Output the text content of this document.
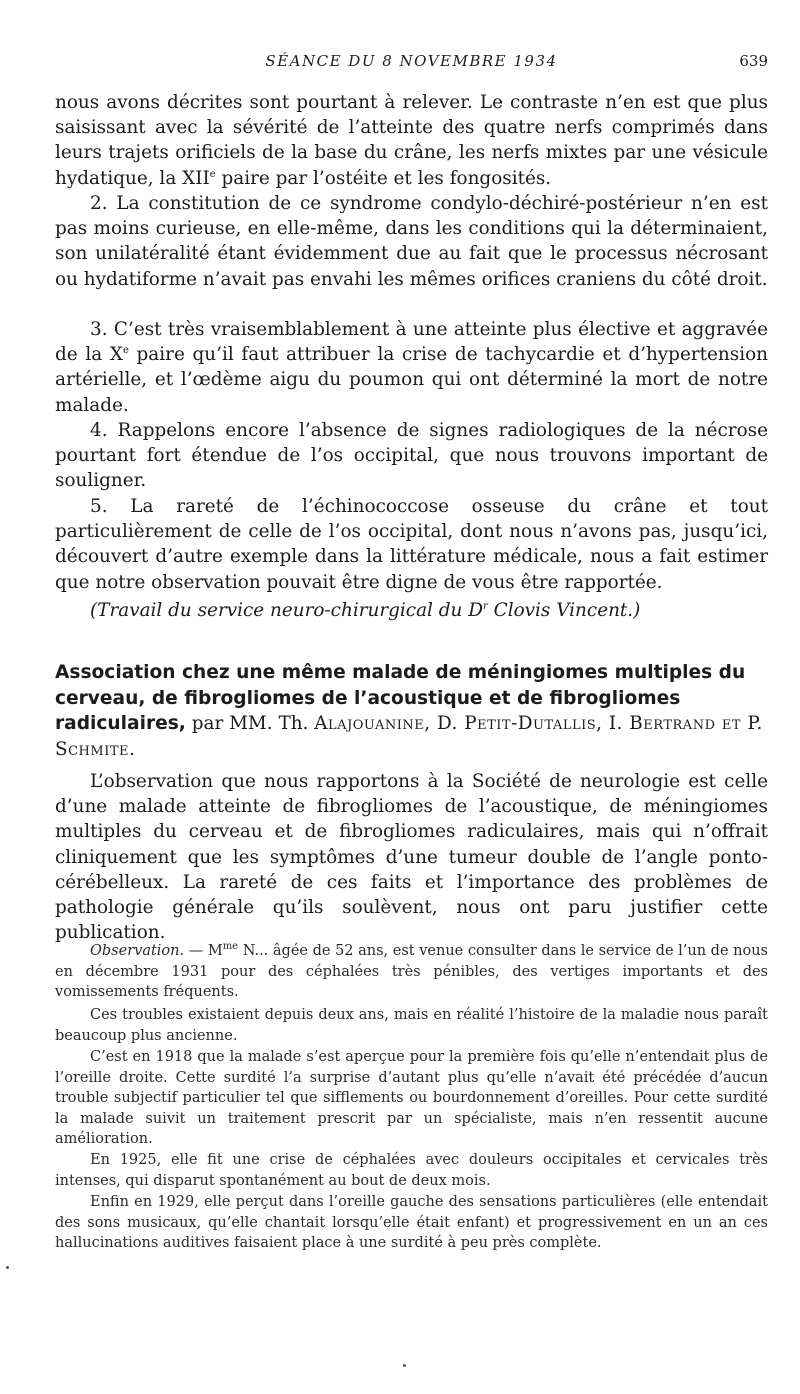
SÉANCE DU 8 NOVEMBRE 1934	639

nous avons décrites sont pourtant à relever. Le contraste n’en est que plus saisissant avec la sévérité de l’atteinte des quatre nerfs comprimés dans leurs trajets orificiels de la base du crâne, les nerfs mixtes par une vésicule hydatique, la XIIe paire par l’ostéite et les fongosités.

2. La constitution de ce syndrome condylo-déchiré-postérieur n’en est pas moins curieuse, en elle-même, dans les conditions qui la déterminaient, son unilatéralité étant évidemment due au fait que le processus nécrosant ou hydatiforme n’avait pas envahi les mêmes orifices craniens du côté droit.

3. C’est très vraisemblablement à une atteinte plus élective et aggravée de la Xe paire qu’il faut attribuer la crise de tachycardie et d’hypertension artérielle, et l’œdème aigu du poumon qui ont déterminé la mort de notre malade.

4. Rappelons encore l’absence de signes radiologiques de la nécrose pourtant fort étendue de l’os occipital, que nous trouvons important de souligner.

5. La rareté de l’échinococcose osseuse du crâne et tout particulièrement de celle de l’os occipital, dont nous n’avons pas, jusqu’ici, découvert d’autre exemple dans la littérature médicale, nous a fait estimer que notre observation pouvait être digne de vous être rapportée.

(Travail du service neuro-chirurgical du $D^r$ Clovis Vincent.)

Association chez une même malade de méningiomes multiples du cerveau, de fibrogliomes de l’acoustique et de fibrogliomes radiculaires, par MM. Th. Alajouanine, D. Petit-Dutallis, I. Bertrand et P. Schmite.

L’observation que nous rapportons à la Société de neurologie est celle d’une malade atteinte de fibrogliomes de l’acoustique, de méningiomes multiples du cerveau et de fibrogliomes radiculaires, mais qui n’offrait cliniquement que les symptômes d’une tumeur double de l’angle ponto-cérébelleux. La rareté de ces faits et l’importance des problèmes de pathologie générale qu’ils soulèvent, nous ont paru justifier cette publication.

Observation. — $M^{me}$ N... âgée de 52 ans, est venue consulter dans le service de l’un de nous en décembre 1931 pour des céphalées très pénibles, des vertiges importants et des vomissements fréquents.

Ces troubles existaient depuis deux ans, mais en réalité l’histoire de la maladie nous paraît beaucoup plus ancienne.

C’est en 1918 que la malade s’est aperçue pour la première fois qu’elle n’entendait plus de l’oreille droite. Cette surdité l’a surprise d’autant plus qu’elle n’avait été précédée d’aucun trouble subjectif particulier tel que sifflements ou bourdonnement d’oreilles. Pour cette surdité la malade suivit un traitement prescrit par un spécialiste, mais n’en ressentit aucune amélioration.

En 1925, elle fit une crise de céphalées avec douleurs occipitales et cervicales très intenses, qui disparut spontanément au bout de deux mois.

Enfin en 1929, elle perçut dans l’oreille gauche des sensations particulières (elle entendait des sons musicaux, qu’elle chantait lorsqu’elle était enfant) et progressivement en un an ces hallucinations auditives faisaient place à une surdité à peu près complète.
